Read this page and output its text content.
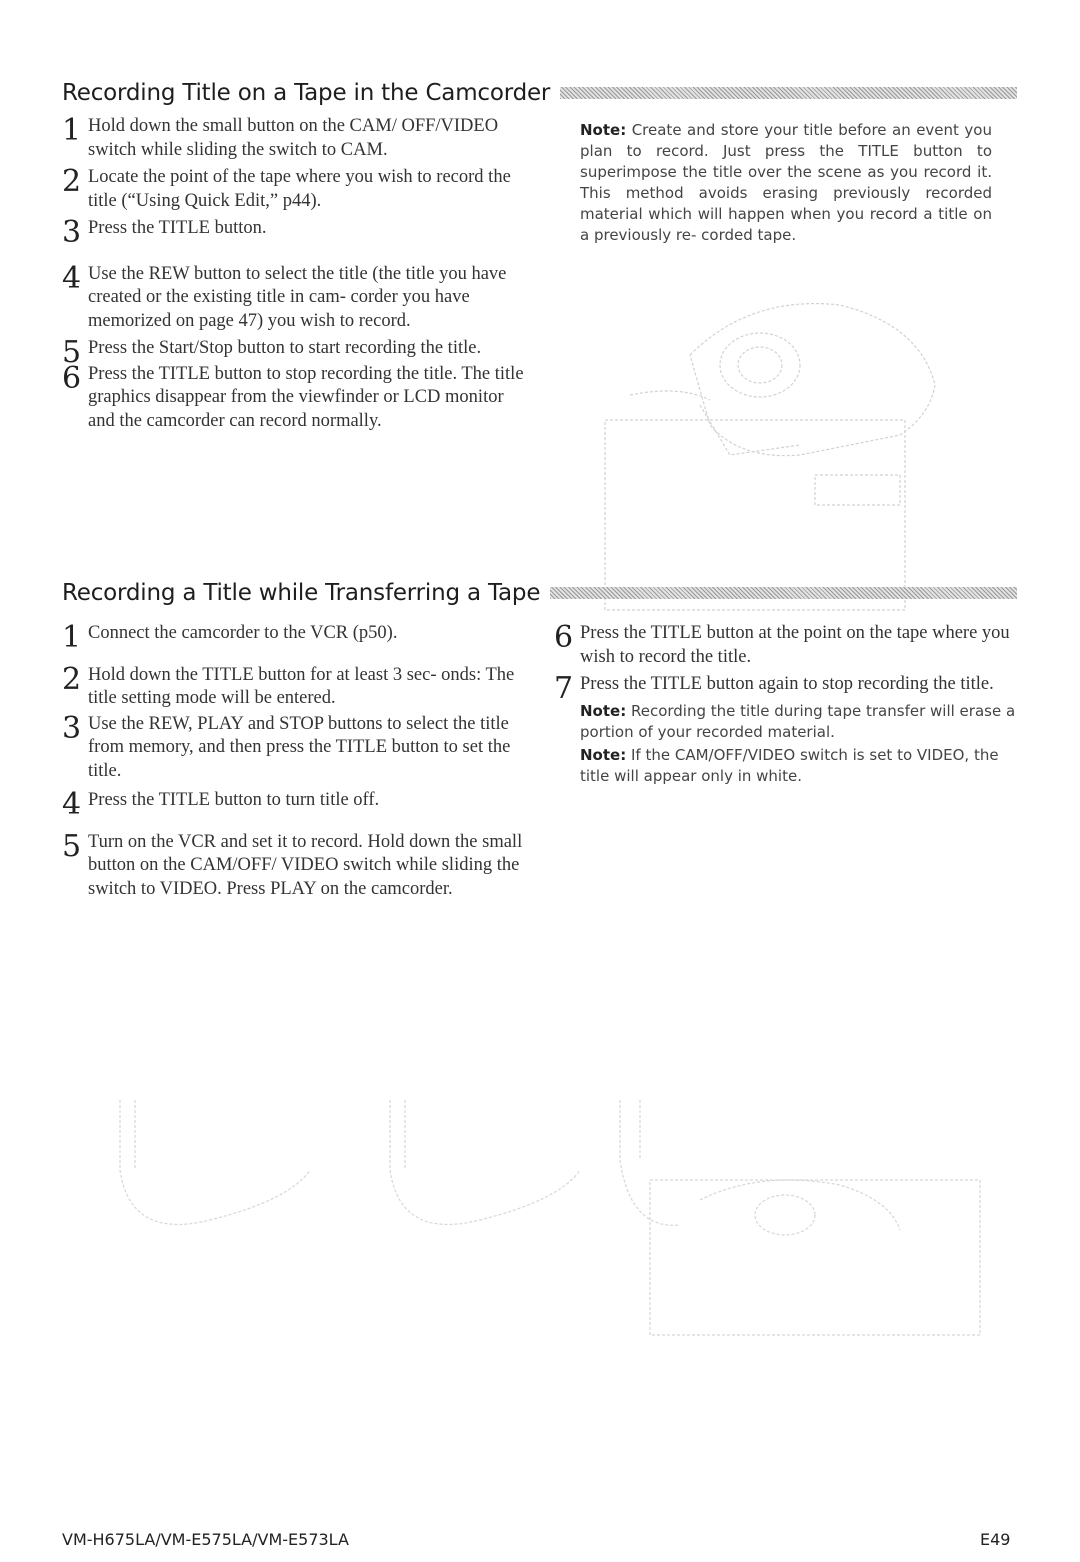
Recording Title on a Tape in the Camcorder
1 Hold down the small button on the CAM/ OFF/VIDEO switch while sliding the switch to CAM.
2 Locate the point of the tape where you wish to record the title (“Using Quick Edit,” p44).
3 Press the TITLE button.
4 Use the REW button to select the title (the title you have created or the existing title in cam- corder you have memorized on page 47) you wish to record.
5 Press the Start/Stop button to start recording the title.
6 Press the TITLE button to stop recording the title. The title graphics disappear from the viewfinder or LCD monitor and the camcorder can record normally.
Note: Create and store your title before an event you plan to record. Just press the TITLE button to superimpose the title over the scene as you record it. This method avoids erasing previously recorded material which will happen when you record a title on a previously re- corded tape.
Recording a Title while Transferring a Tape
1 Connect the camcorder to the VCR (p50).
2 Hold down the TITLE button for at least 3 sec- onds: The title setting mode will be entered.
3 Use the REW, PLAY and STOP buttons to select the title from memory, and then press the TITLE button to set the title.
4 Press the TITLE button to turn title off.
5 Turn on the VCR and set it to record. Hold down the small button on the CAM/OFF/ VIDEO switch while sliding the switch to VIDEO. Press PLAY on the camcorder.
6 Press the TITLE button at the point on the tape where you wish to record the title.
7 Press the TITLE button again to stop recording the title.
Note: Recording the title during tape transfer will erase a portion of your recorded material.
Note: If the CAM/OFF/VIDEO switch is set to VIDEO, the title will appear only in white.
VM-H675LA/VM-E575LA/VM-E573LA	E49
